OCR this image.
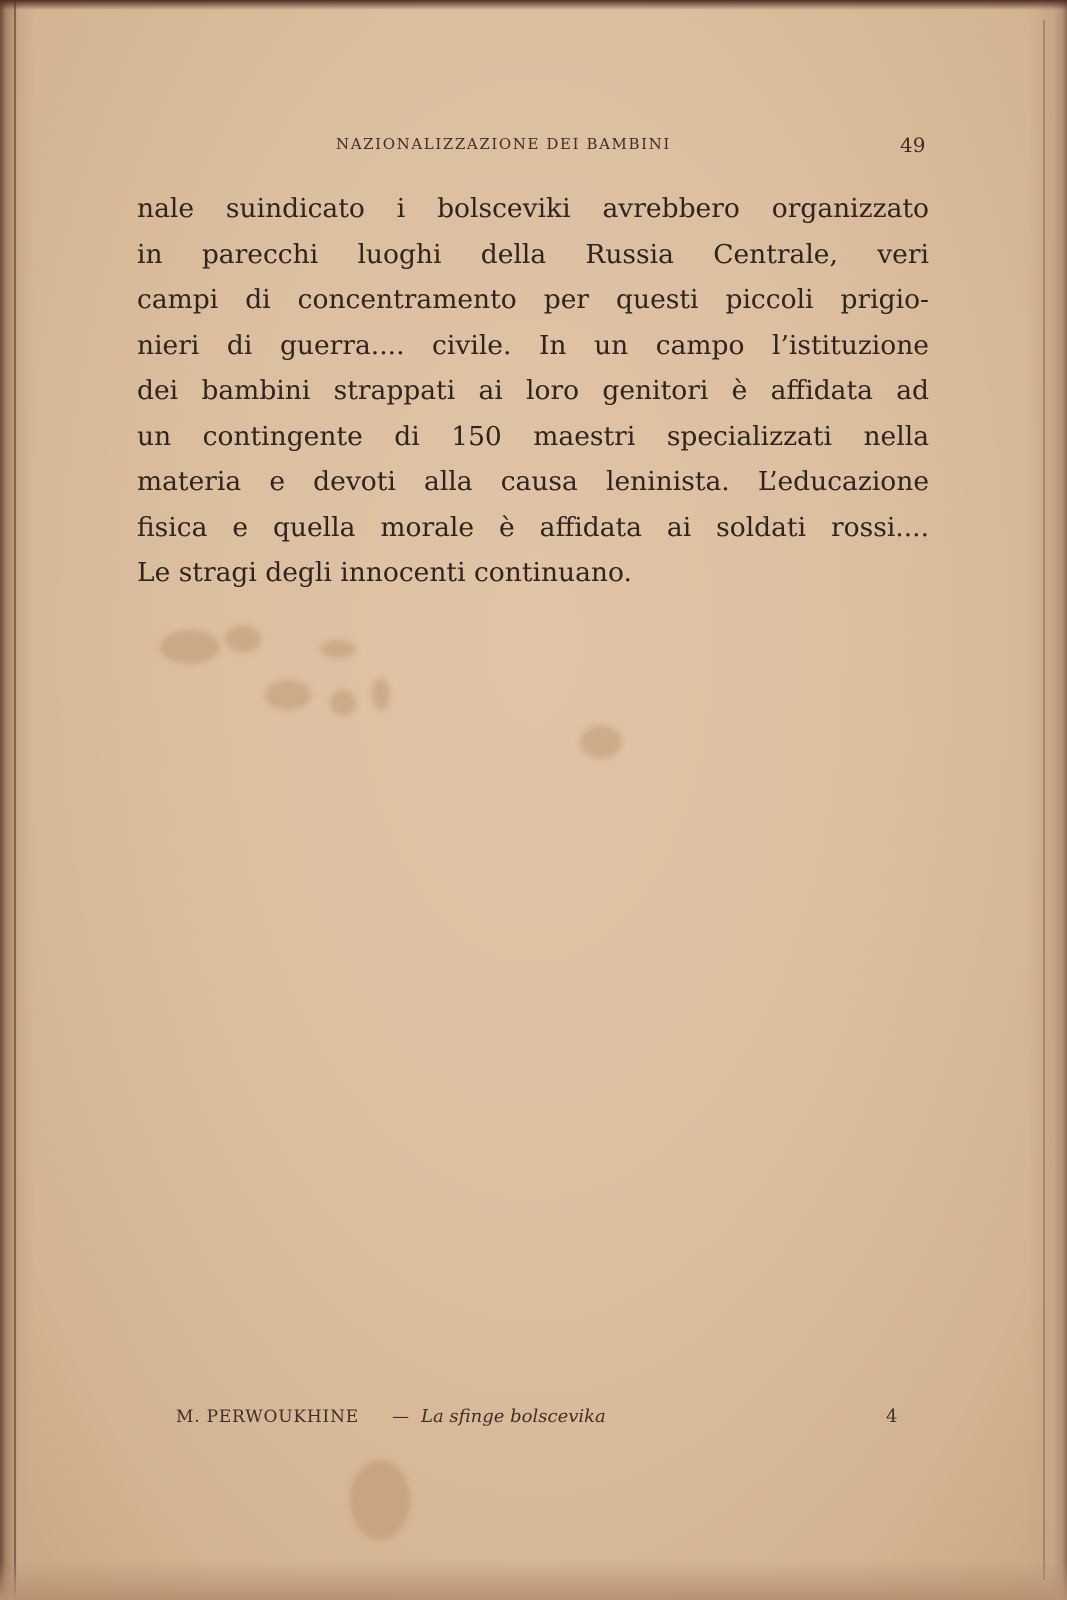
NAZIONALIZZAZIONE DEI BAMBINI	49
nale suindicato i bolsceviki avrebbero organizzato
in parecchi luoghi della Russia Centrale, veri
campi di concentramento per questi piccoli prigio-
nieri di guerra.... civile. In un campo l’istituzione
dei bambini strappati ai loro genitori è affidata ad
un contingente di 150 maestri specializzati nella
materia e devoti alla causa leninista. L’educazione
fisica e quella morale è affidata ai soldati rossi....
Le stragi degli innocenti continuano.
M. PERWOUKHINE — La sfinge bolscevika	4
